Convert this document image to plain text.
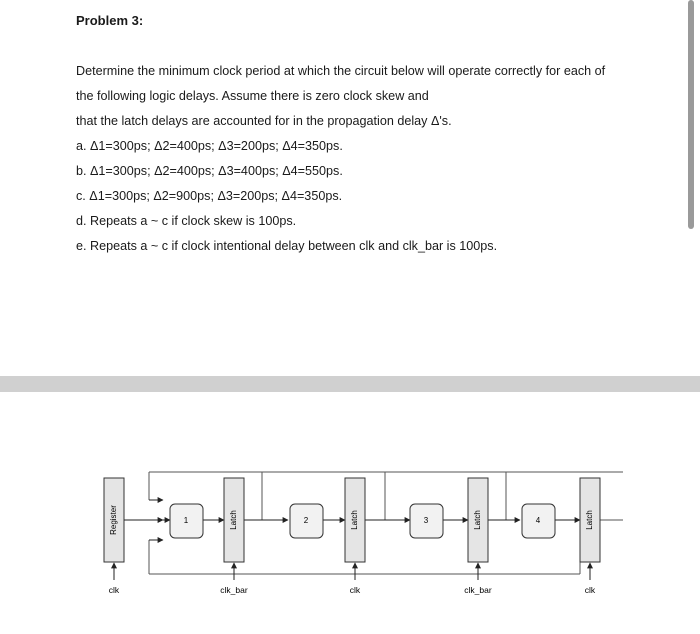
Problem 3:
Determine the minimum clock period at which the circuit below will operate correctly for each of
the following logic delays. Assume there is zero clock skew and
that the latch delays are accounted for in the propagation delay Δ's.
a. Δ1=300ps; Δ2=400ps; Δ3=200ps; Δ4=350ps.
b. Δ1=300ps; Δ2=400ps; Δ3=400ps; Δ4=550ps.
c. Δ1=300ps; Δ2=900ps; Δ3=200ps; Δ4=350ps.
d. Repeats a ~ c if clock skew is 100ps.
e. Repeats a ~ c if clock intentional delay between clk and clk_bar is 100ps.
Register	1	2	3	4
Latch	Latch	Latch	Latch
clk	clk_bar	clk	clk_bar	clk
